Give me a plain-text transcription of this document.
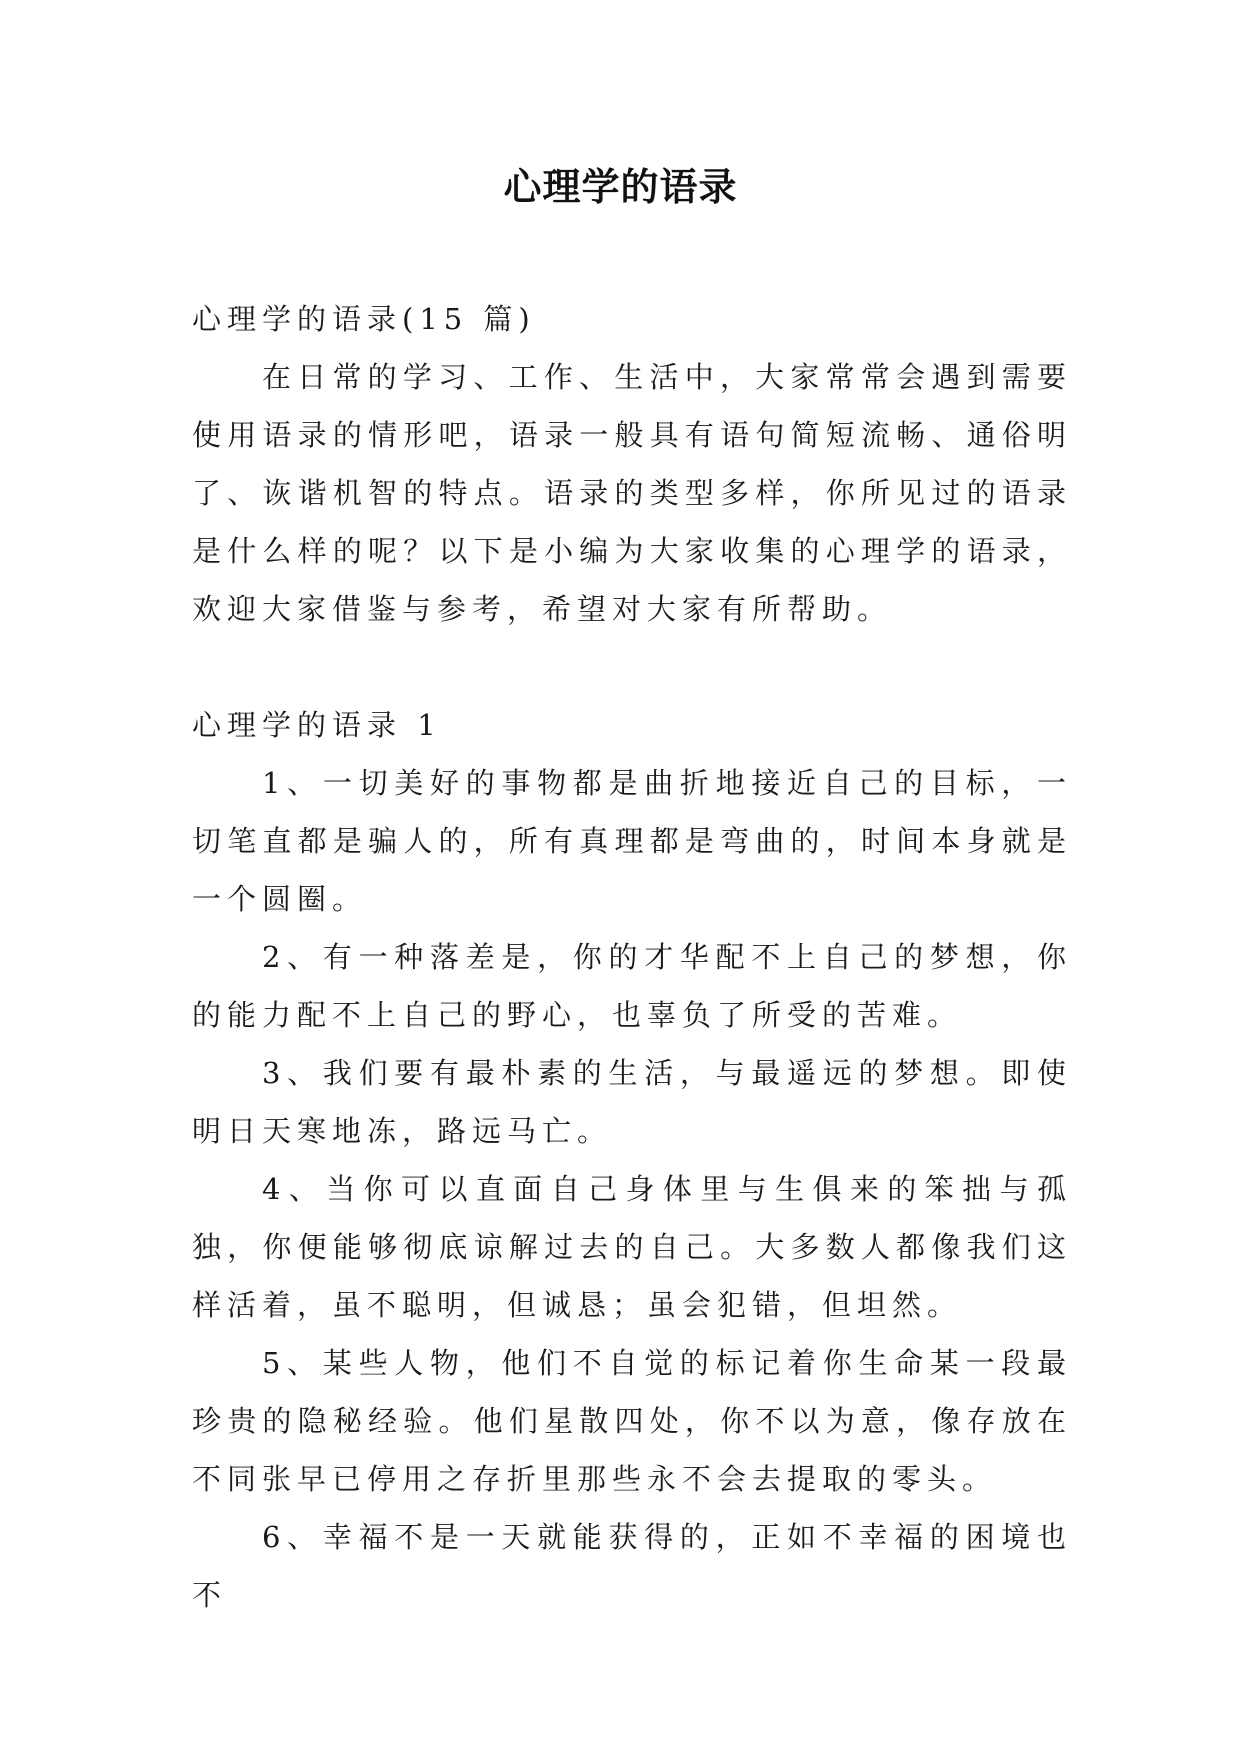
心理学的语录

心理学的语录(15 篇)

在日常的学习、工作、生活中，大家常常会遇到需要使用语录的情形吧，语录一般具有语句简短流畅、通俗明了、诙谐机智的特点。语录的类型多样，你所见过的语录是什么样的呢？以下是小编为大家收集的心理学的语录，欢迎大家借鉴与参考，希望对大家有所帮助。

心理学的语录 1

1、一切美好的事物都是曲折地接近自己的目标，一切笔直都是骗人的，所有真理都是弯曲的，时间本身就是一个圆圈。

2、有一种落差是，你的才华配不上自己的梦想，你的能力配不上自己的野心，也辜负了所受的苦难。

3、我们要有最朴素的生活，与最遥远的梦想。即使明日天寒地冻，路远马亡。

4、当你可以直面自己身体里与生俱来的笨拙与孤独，你便能够彻底谅解过去的自己。大多数人都像我们这样活着，虽不聪明，但诚恳；虽会犯错，但坦然。

5、某些人物，他们不自觉的标记着你生命某一段最珍贵的隐秘经验。他们星散四处，你不以为意，像存放在不同张早已停用之存折里那些永不会去提取的零头。

6、幸福不是一天就能获得的，正如不幸福的困境也不
